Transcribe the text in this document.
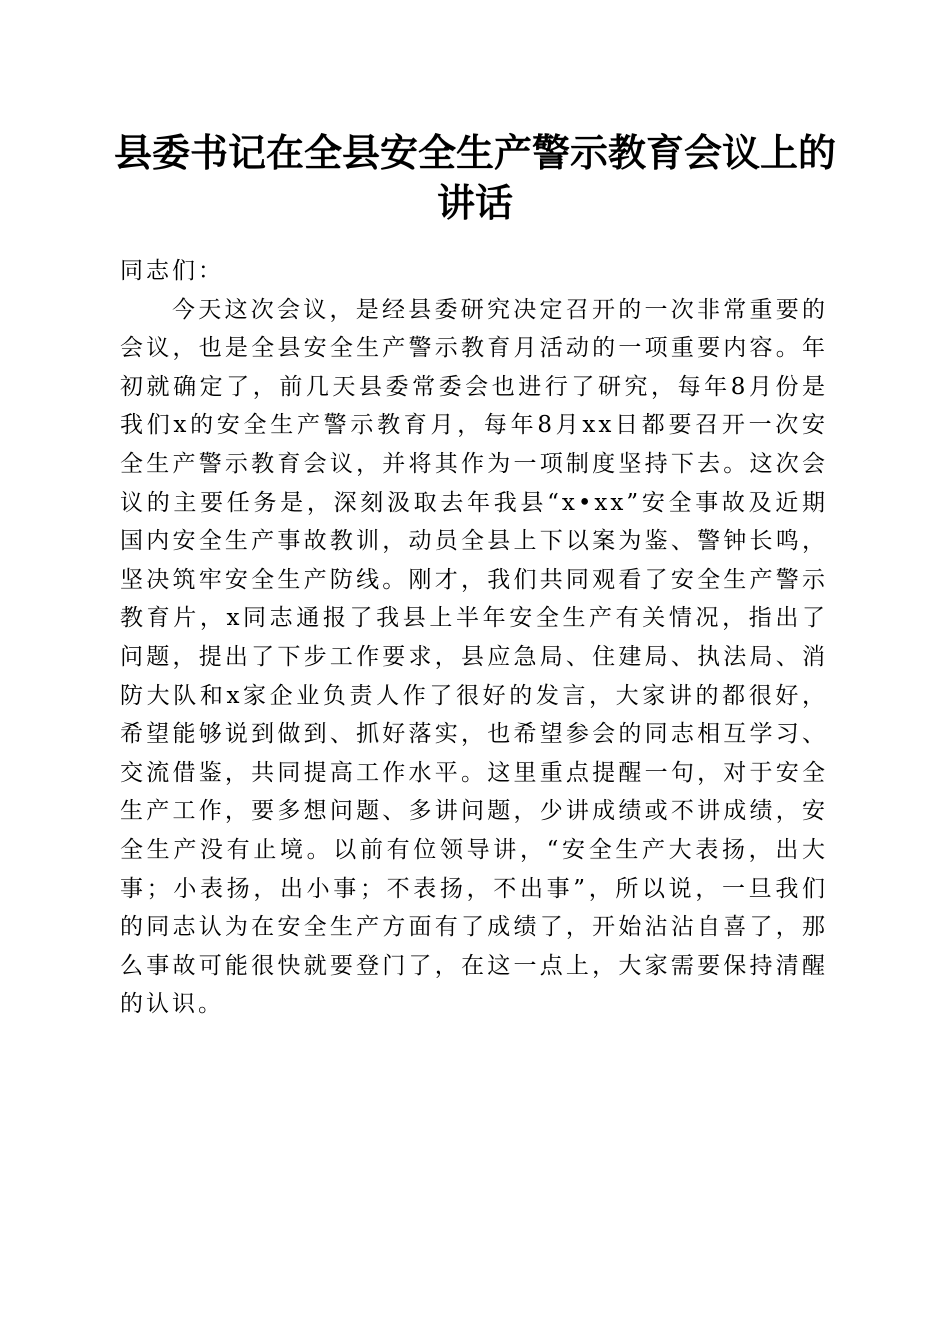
县委书记在全县安全生产警示教育会议上的讲话

同志们：

今天这次会议，是经县委研究决定召开的一次非常重要的会议，也是全县安全生产警示教育月活动的一项重要内容。年初就确定了，前几天县委常委会也进行了研究，每年8月份是我们x的安全生产警示教育月，每年8月xx日都要召开一次安全生产警示教育会议，并将其作为一项制度坚持下去。这次会议的主要任务是，深刻汲取去年我县“x•xx”安全事故及近期国内安全生产事故教训，动员全县上下以案为鉴、警钟长鸣，坚决筑牢安全生产防线。刚才，我们共同观看了安全生产警示教育片，x同志通报了我县上半年安全生产有关情况，指出了问题，提出了下步工作要求，县应急局、住建局、执法局、消防大队和x家企业负责人作了很好的发言，大家讲的都很好，希望能够说到做到、抓好落实，也希望参会的同志相互学习、交流借鉴，共同提高工作水平。这里重点提醒一句，对于安全生产工作，要多想问题、多讲问题，少讲成绩或不讲成绩，安全生产没有止境。以前有位领导讲，“安全生产大表扬，出大事；小表扬，出小事；不表扬，不出事”，所以说，一旦我们的同志认为在安全生产方面有了成绩了，开始沾沾自喜了，那么事故可能很快就要登门了，在这一点上，大家需要保持清醒的认识。
